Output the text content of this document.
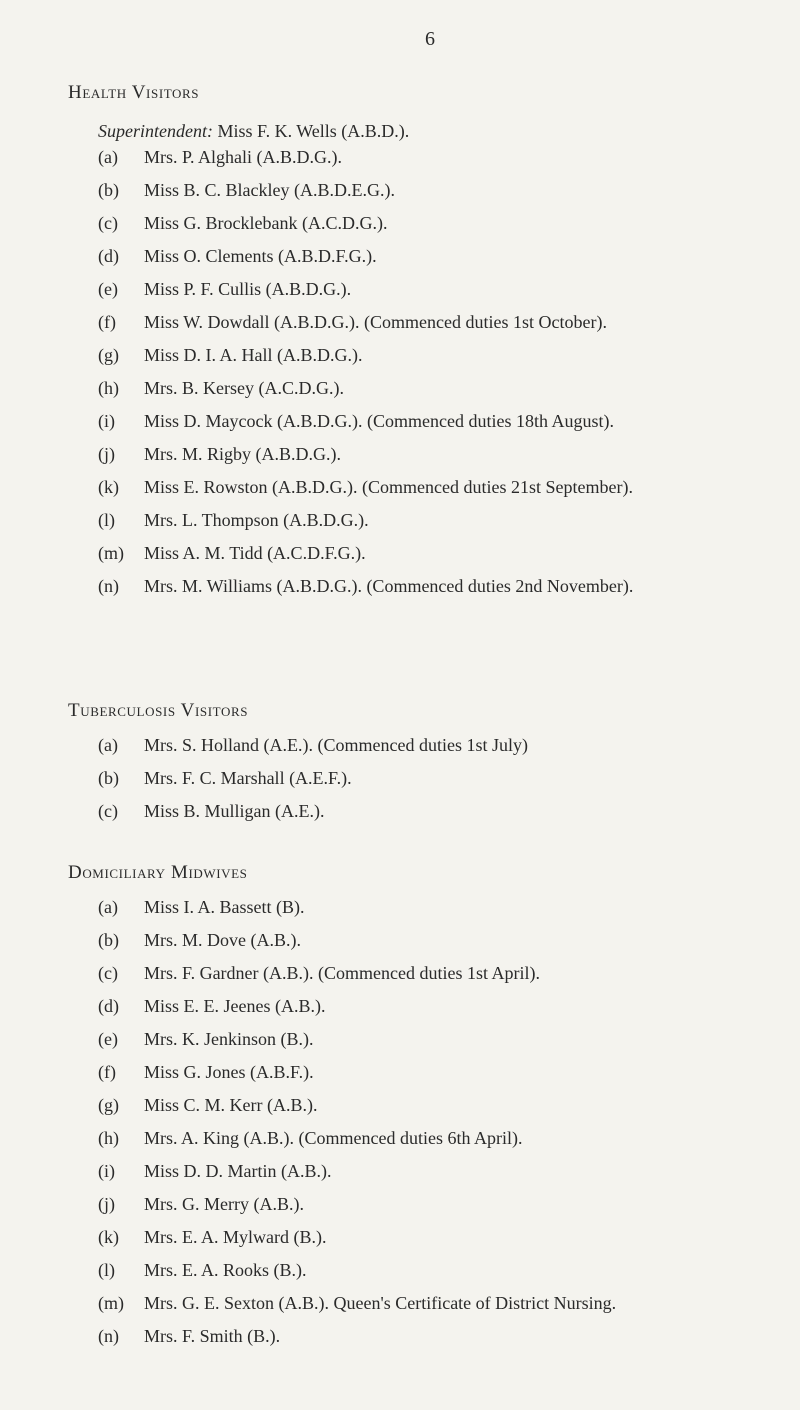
6
Health Visitors
Superintendent: Miss F. K. Wells (A.B.D.).
(a)	Mrs. P. Alghali (A.B.D.G.).
(b)	Miss B. C. Blackley (A.B.D.E.G.).
(c)	Miss G. Brocklebank (A.C.D.G.).
(d)	Miss O. Clements (A.B.D.F.G.).
(e)	Miss P. F. Cullis (A.B.D.G.).
(f)	Miss W. Dowdall (A.B.D.G.). (Commenced duties 1st October).
(g)	Miss D. I. A. Hall (A.B.D.G.).
(h)	Mrs. B. Kersey (A.C.D.G.).
(i)	Miss D. Maycock (A.B.D.G.). (Commenced duties 18th August).
(j)	Mrs. M. Rigby (A.B.D.G.).
(k)	Miss E. Rowston (A.B.D.G.). (Commenced duties 21st September).
(l)	Mrs. L. Thompson (A.B.D.G.).
(m)	Miss A. M. Tidd (A.C.D.F.G.).
(n)	Mrs. M. Williams (A.B.D.G.). (Commenced duties 2nd November).
Tuberculosis Visitors
(a)	Mrs. S. Holland (A.E.). (Commenced duties 1st July)
(b)	Mrs. F. C. Marshall (A.E.F.).
(c)	Miss B. Mulligan (A.E.).
Domiciliary Midwives
(a)	Miss I. A. Bassett (B).
(b)	Mrs. M. Dove (A.B.).
(c)	Mrs. F. Gardner (A.B.). (Commenced duties 1st April).
(d)	Miss E. E. Jeenes (A.B.).
(e)	Mrs. K. Jenkinson (B.).
(f)	Miss G. Jones (A.B.F.).
(g)	Miss C. M. Kerr (A.B.).
(h)	Mrs. A. King (A.B.). (Commenced duties 6th April).
(i)	Miss D. D. Martin (A.B.).
(j)	Mrs. G. Merry (A.B.).
(k)	Mrs. E. A. Mylward (B.).
(l)	Mrs. E. A. Rooks (B.).
(m)	Mrs. G. E. Sexton (A.B.). Queen's Certificate of District Nursing.
(n)	Mrs. F. Smith (B.).
